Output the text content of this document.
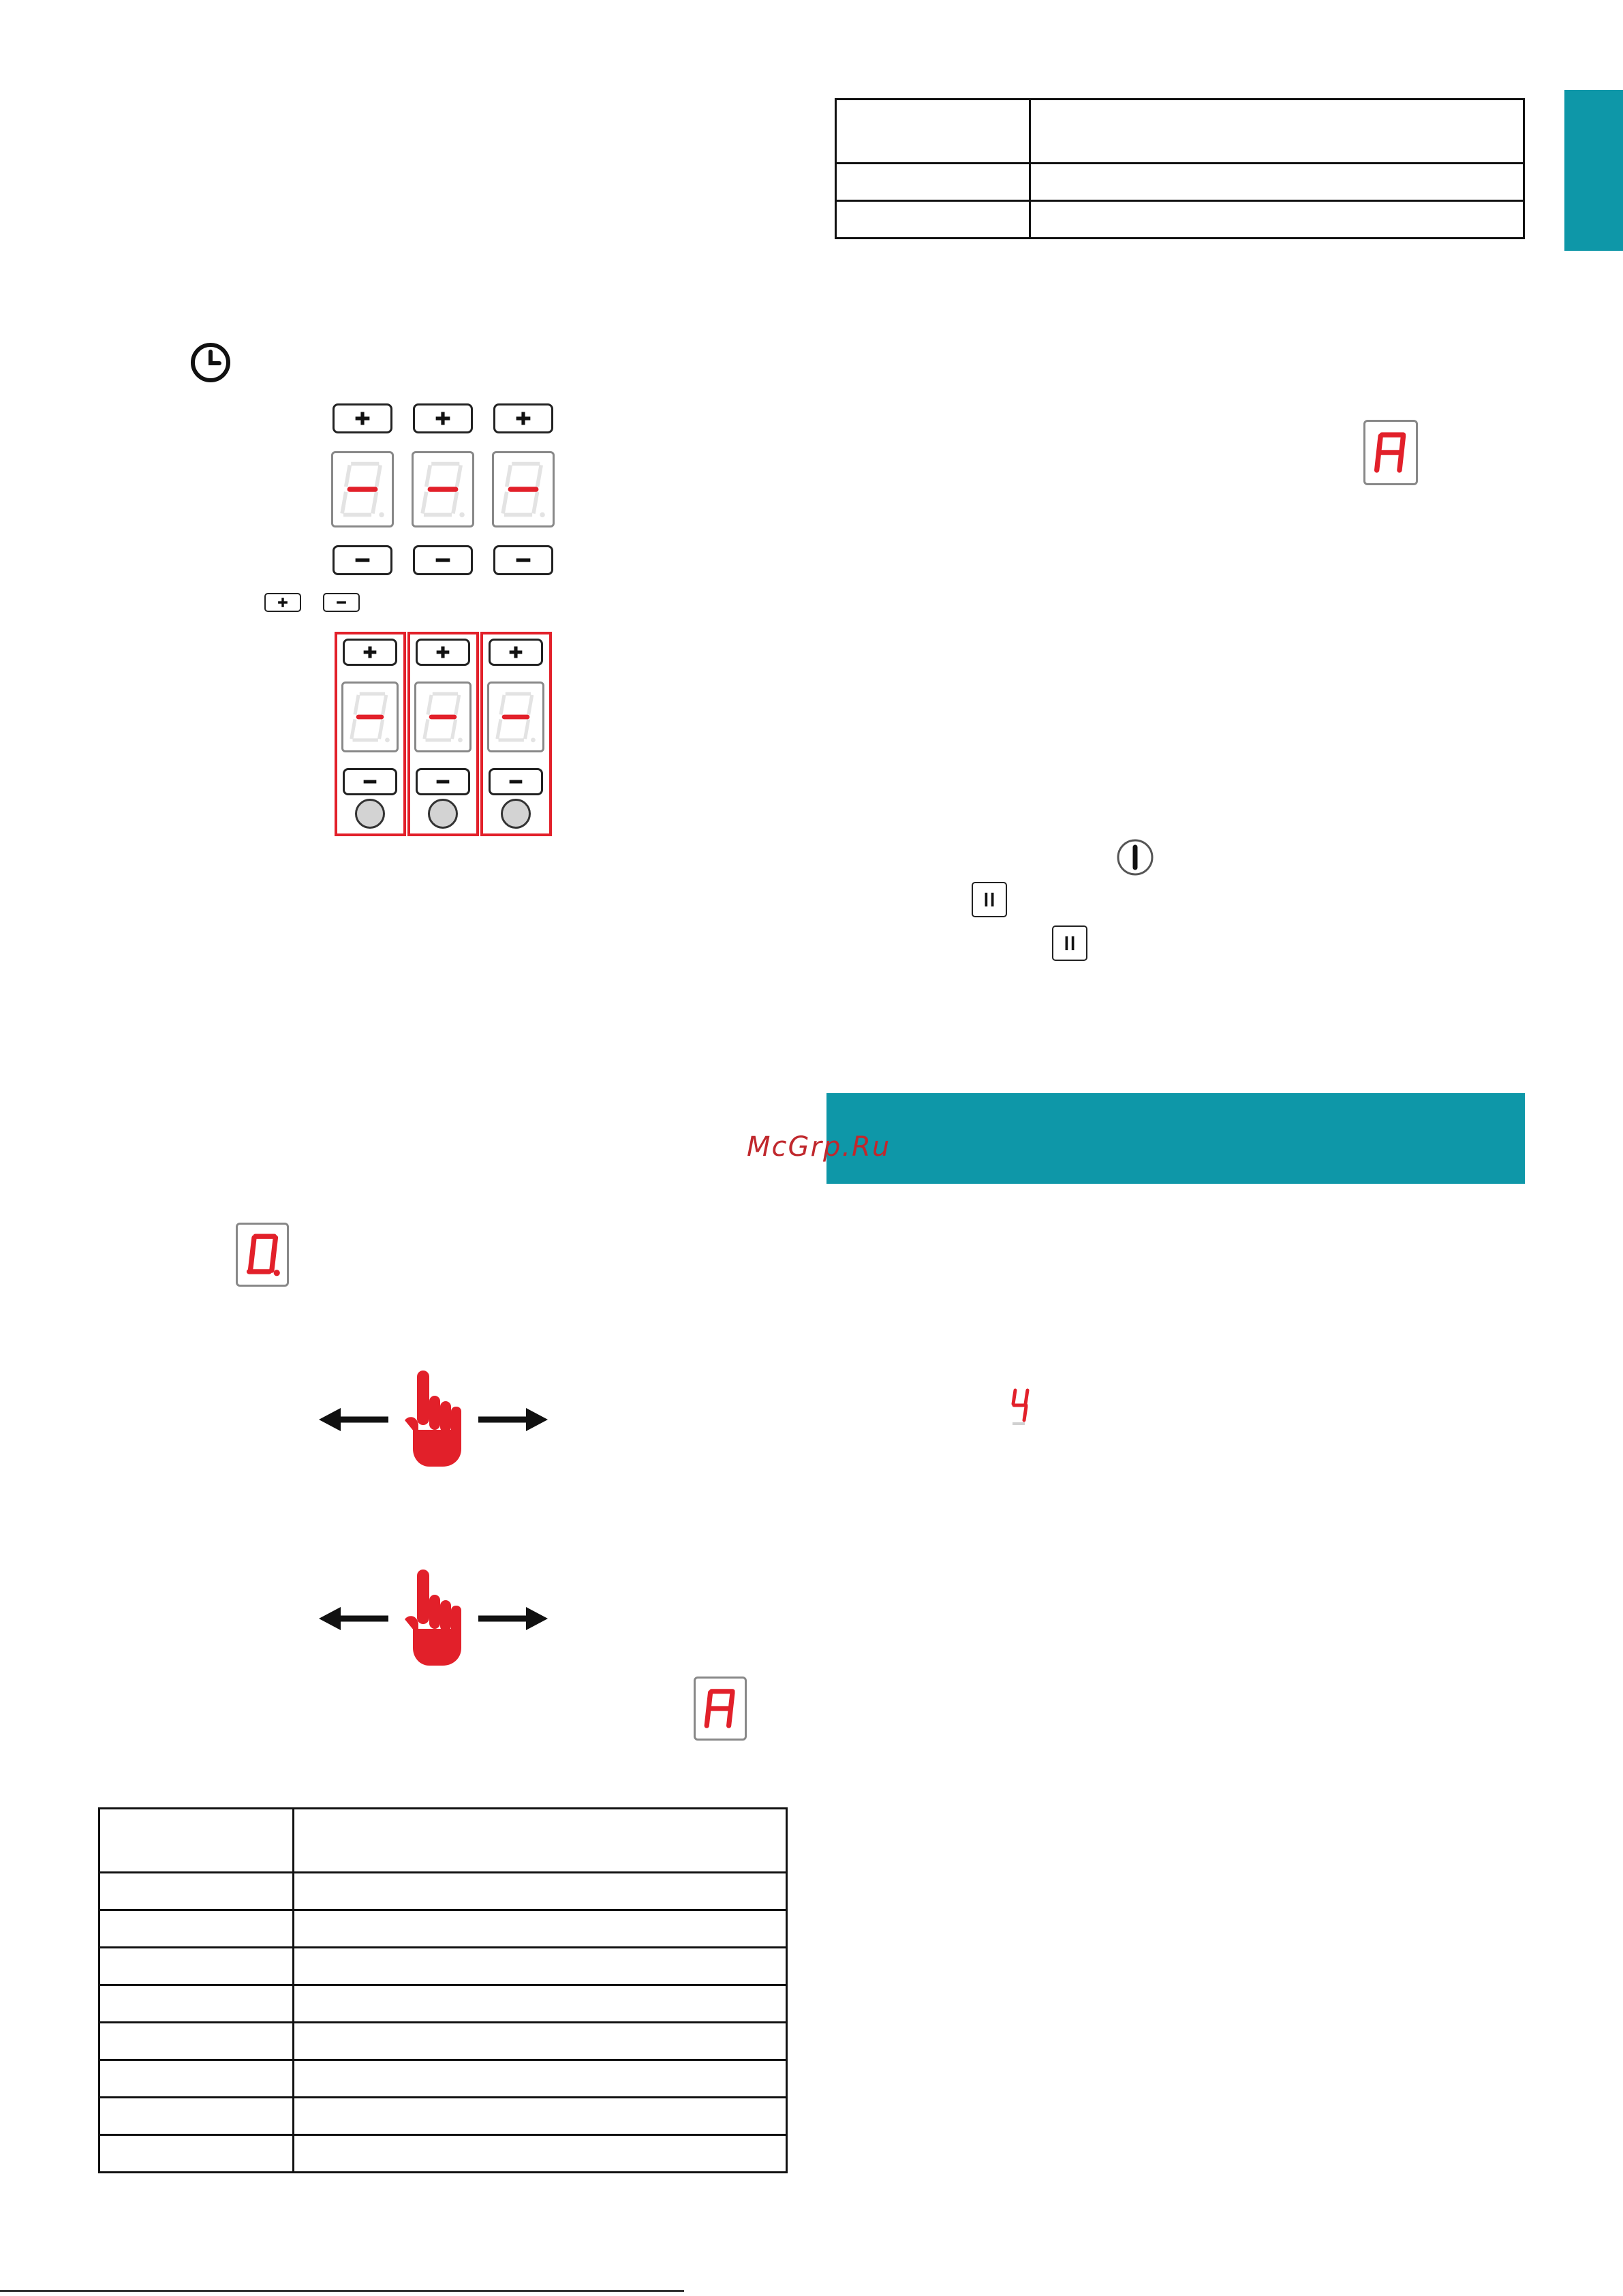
-	-	-
-	-	-
A
McGrp.Ru
0.
Ч
A
